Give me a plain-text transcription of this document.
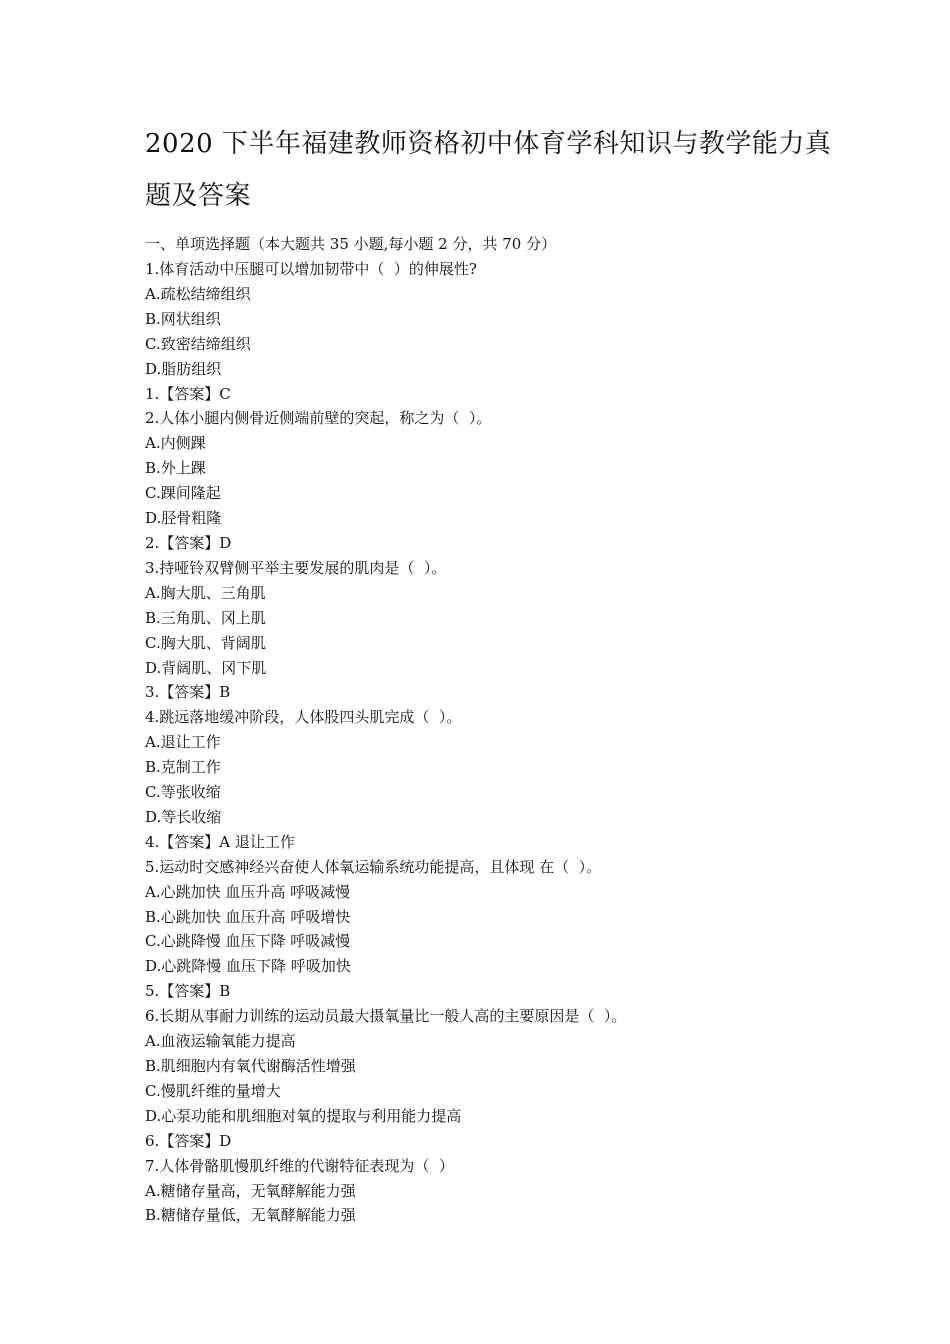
2020 下半年福建教师资格初中体育学科知识与教学能力真
题及答案
一、单项选择题（本大题共 35 小题,每小题 2 分，共 70 分）
1.体育活动中压腿可以增加韧带中（  ）的伸展性?
A.疏松结缔组织
B.网状组织
C.致密结缔组织
D.脂肪组织
1.【答案】C
2.人体小腿内侧骨近侧端前壁的突起，称之为（  ）。
A.内侧踝
B.外上踝
C.踝间隆起
D.胫骨粗隆
2.【答案】D
3.持哑铃双臂侧平举主要发展的肌肉是（  ）。
A.胸大肌、三角肌
B.三角肌、冈上肌
C.胸大肌、背阔肌
D.背阔肌、冈下肌
3.【答案】B
4.跳远落地缓冲阶段，人体股四头肌完成（  ）。
A.退让工作
B.克制工作
C.等张收缩
D.等长收缩
4.【答案】A 退让工作
5.运动时交感神经兴奋使人体氧运输系统功能提高，且体现 在（  ）。
A.心跳加快 血压升高 呼吸减慢
B.心跳加快 血压升高 呼吸增快
C.心跳降慢 血压下降 呼吸减慢
D.心跳降慢 血压下降 呼吸加快
5.【答案】B
6.长期从事耐力训练的运动员最大摄氧量比一般人高的主要原因是（  ）。
A.血液运输氧能力提高
B.肌细胞内有氧代谢酶活性增强
C.慢肌纤维的量增大
D.心泵功能和肌细胞对氧的提取与利用能力提高
6.【答案】D
7.人体骨骼肌慢肌纤维的代谢特征表现为（  ）
A.糖储存量高，无氧酵解能力强
B.糖储存量低，无氧酵解能力强
